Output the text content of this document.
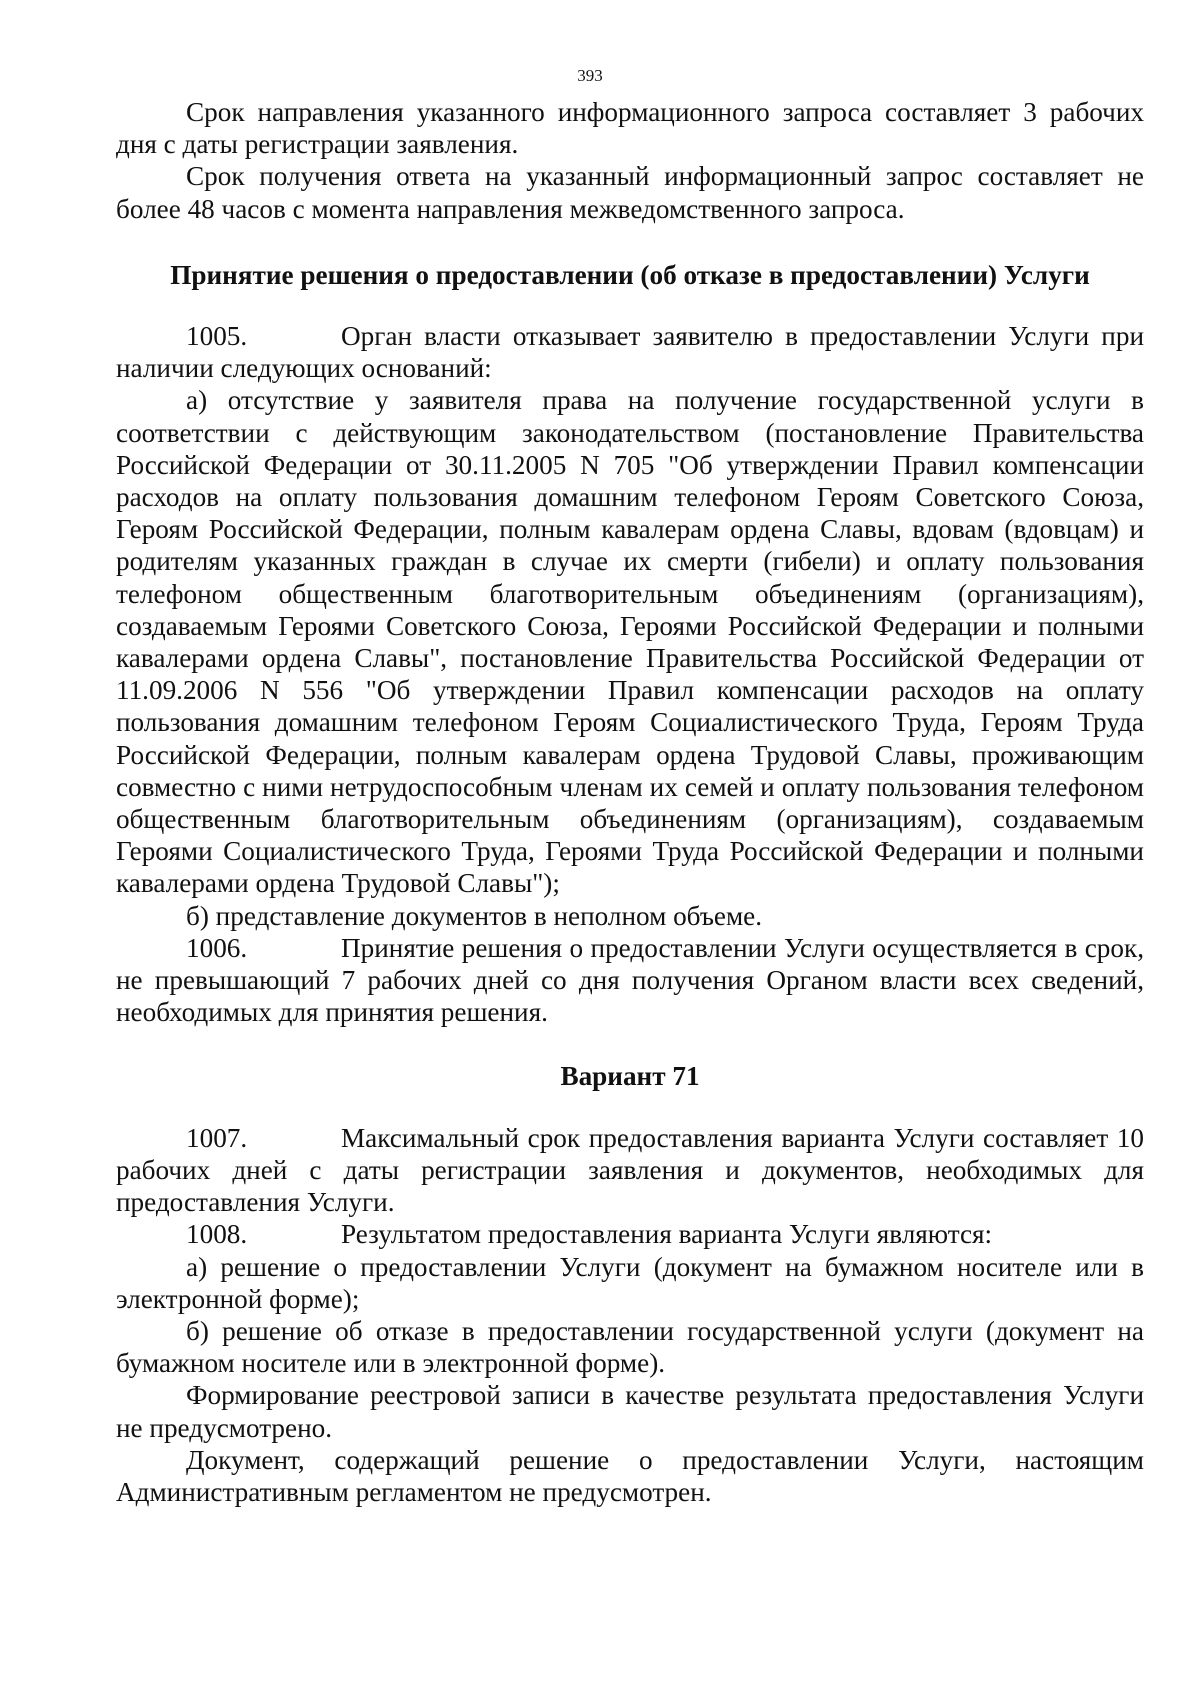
393

Срок направления указанного информационного запроса составляет 3 рабочих дня с даты регистрации заявления.

Срок получения ответа на указанный информационный запрос составляет не более 48 часов с момента направления межведомственного запроса.

Принятие решения о предоставлении (об отказе в предоставлении) Услуги

1005.	Орган власти отказывает заявителю в предоставлении Услуги при наличии следующих оснований:

а) отсутствие у заявителя права на получение государственной услуги в соответствии с действующим законодательством (постановление Правительства Российской Федерации от 30.11.2005 N 705 "Об утверждении Правил компенсации расходов на оплату пользования домашним телефоном Героям Советского Союза, Героям Российской Федерации, полным кавалерам ордена Славы, вдовам (вдовцам) и родителям указанных граждан в случае их смерти (гибели) и оплату пользования телефоном общественным благотворительным объединениям (организациям), создаваемым Героями Советского Союза, Героями Российской Федерации и полными кавалерами ордена Славы", постановление Правительства Российской Федерации от 11.09.2006 N 556 "Об утверждении Правил компенсации расходов на оплату пользования домашним телефоном Героям Социалистического Труда, Героям Труда Российской Федерации, полным кавалерам ордена Трудовой Славы, проживающим совместно с ними нетрудоспособным членам их семей и оплату пользования телефоном общественным благотворительным объединениям (организациям), создаваемым Героями Социалистического Труда, Героями Труда Российской Федерации и полными кавалерами ордена Трудовой Славы");

б) представление документов в неполном объеме.

1006.	Принятие решения о предоставлении Услуги осуществляется в срок, не превышающий 7 рабочих дней со дня получения Органом власти всех сведений, необходимых для принятия решения.

Вариант 71

1007.	Максимальный срок предоставления варианта Услуги составляет 10 рабочих дней с даты регистрации заявления и документов, необходимых для предоставления Услуги.

1008.	Результатом предоставления варианта Услуги являются:

а) решение о предоставлении Услуги (документ на бумажном носителе или в электронной форме);

б) решение об отказе в предоставлении государственной услуги (документ на бумажном носителе или в электронной форме).

Формирование реестровой записи в качестве результата предоставления Услуги не предусмотрено.

Документ, содержащий решение о предоставлении Услуги, настоящим Административным регламентом не предусмотрен.
